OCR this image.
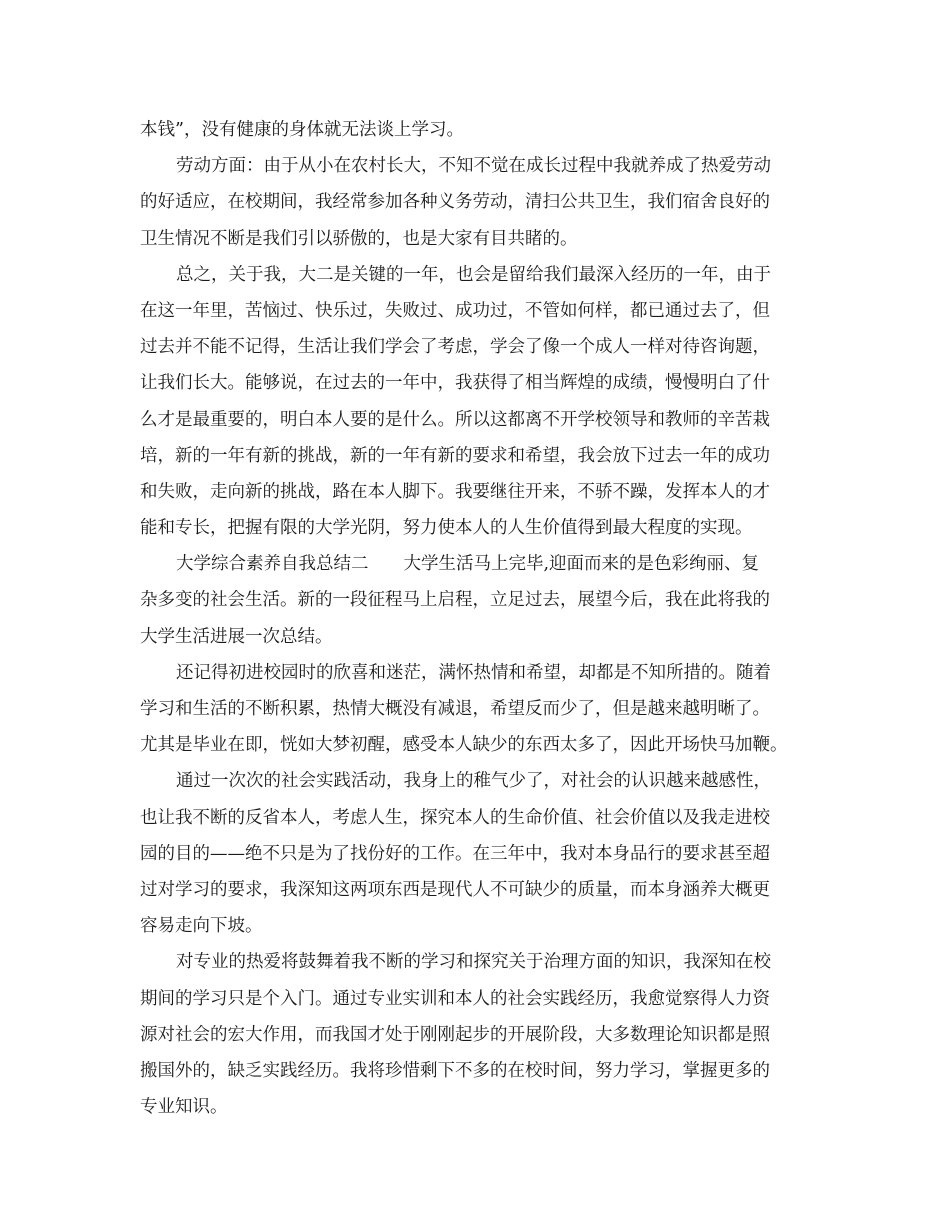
本钱”，没有健康的身体就无法谈上学习。
劳动方面：由于从小在农村长大，不知不觉在成长过程中我就养成了热爱劳动
的好适应，在校期间，我经常参加各种义务劳动，清扫公共卫生，我们宿舍良好的
卫生情况不断是我们引以骄傲的，也是大家有目共睹的。
总之，关于我，大二是关键的一年，也会是留给我们最深入经历的一年，由于
在这一年里，苦恼过、快乐过，失败过、成功过，不管如何样，都已通过去了，但
过去并不能不记得，生活让我们学会了考虑，学会了像一个成人一样对待咨询题，
让我们长大。能够说，在过去的一年中，我获得了相当辉煌的成绩，慢慢明白了什
么才是最重要的，明白本人要的是什么。所以这都离不开学校领导和教师的辛苦栽
培，新的一年有新的挑战，新的一年有新的要求和希望，我会放下过去一年的成功
和失败，走向新的挑战，路在本人脚下。我要继往开来，不骄不躁，发挥本人的才
能和专长，把握有限的大学光阴，努力使本人的人生价值得到最大程度的实现。
大学综合素养自我总结二　　大学生活马上完毕,迎面而来的是色彩绚丽、复
杂多变的社会生活。新的一段征程马上启程，立足过去，展望今后，我在此将我的
大学生活进展一次总结。
还记得初进校园时的欣喜和迷茫，满怀热情和希望，却都是不知所措的。随着
学习和生活的不断积累，热情大概没有减退，希望反而少了，但是越来越明晰了。
尤其是毕业在即，恍如大梦初醒，感受本人缺少的东西太多了，因此开场快马加鞭。
通过一次次的社会实践活动，我身上的稚气少了，对社会的认识越来越感性，
也让我不断的反省本人，考虑人生，探究本人的生命价值、社会价值以及我走进校
园的目的——绝不只是为了找份好的工作。在三年中，我对本身品行的要求甚至超
过对学习的要求，我深知这两项东西是现代人不可缺少的质量，而本身涵养大概更
容易走向下坡。
对专业的热爱将鼓舞着我不断的学习和探究关于治理方面的知识，我深知在校
期间的学习只是个入门。通过专业实训和本人的社会实践经历，我愈觉察得人力资
源对社会的宏大作用，而我国才处于刚刚起步的开展阶段，大多数理论知识都是照
搬国外的，缺乏实践经历。我将珍惜剩下不多的在校时间，努力学习，掌握更多的
专业知识。
